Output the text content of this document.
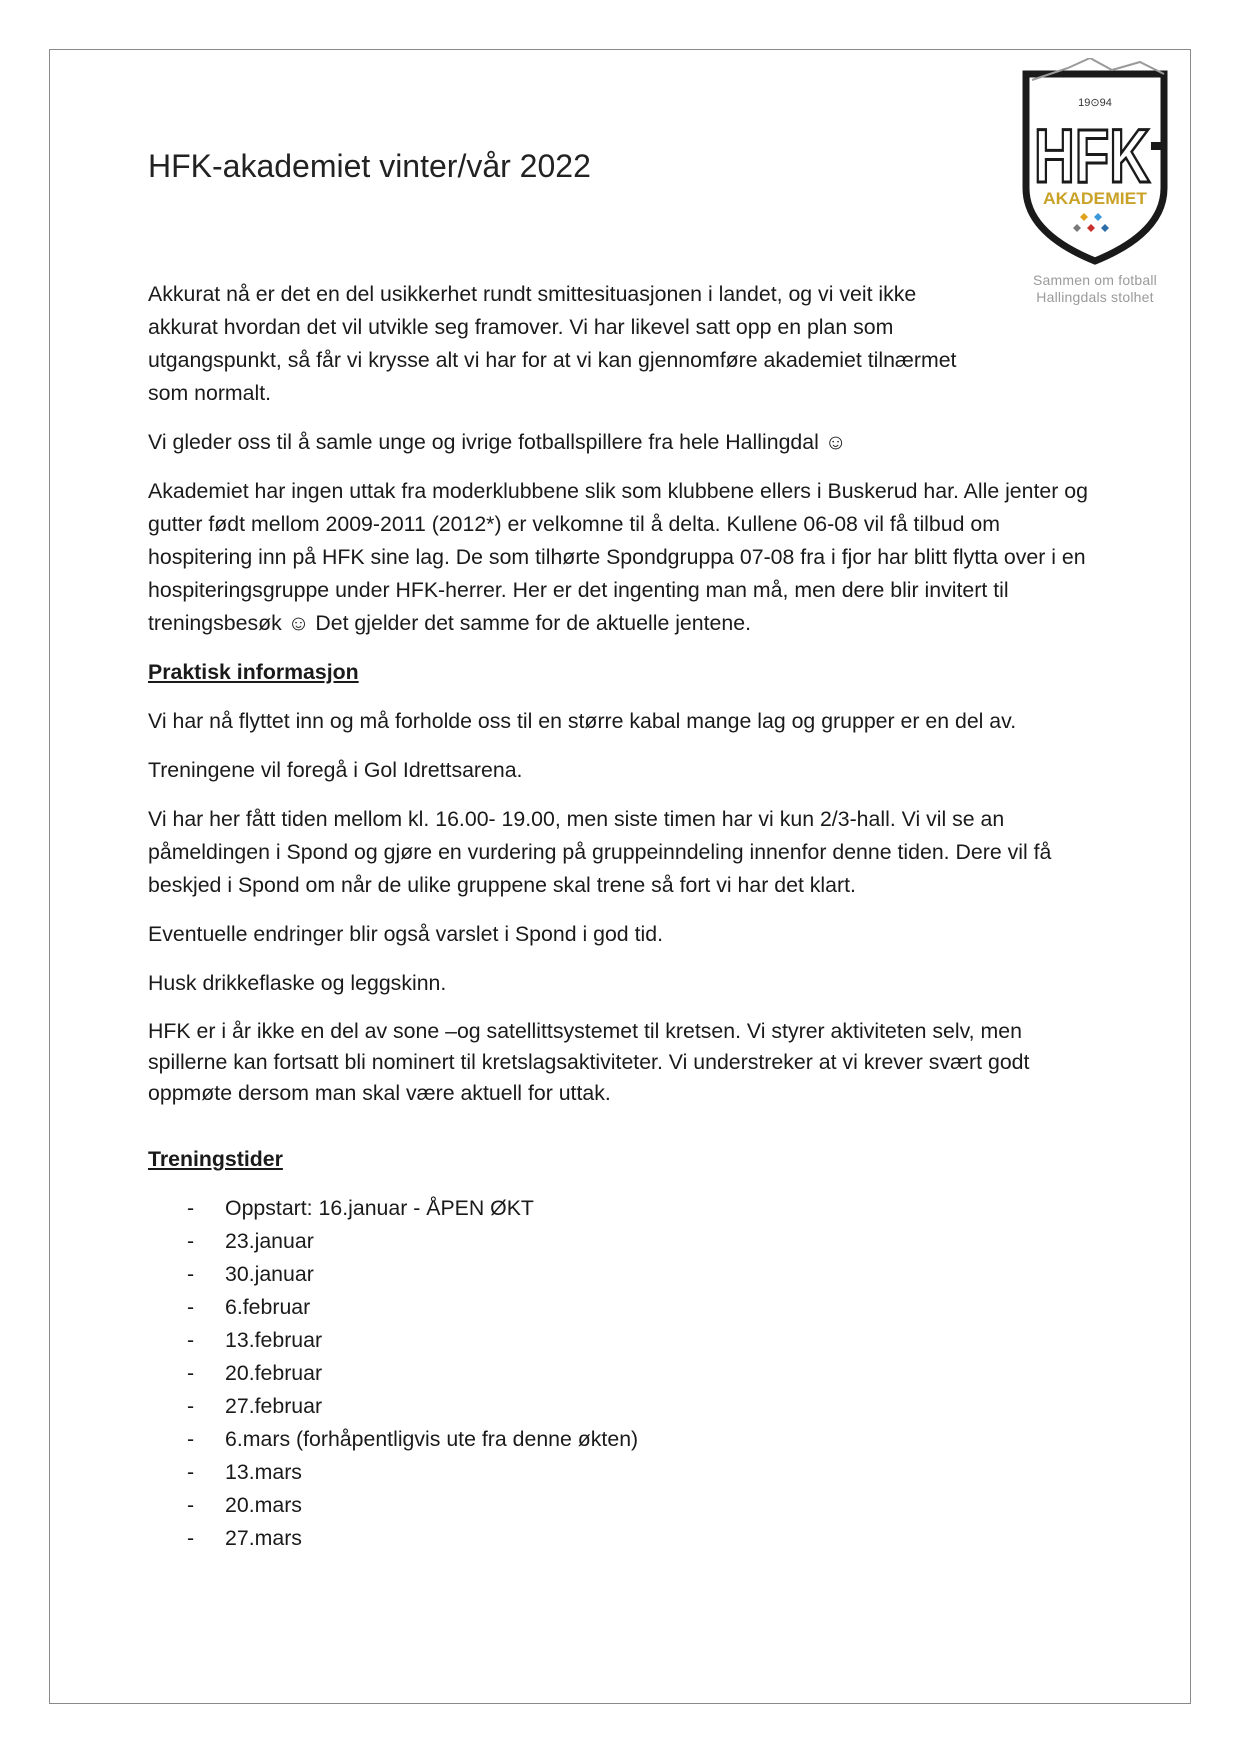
19⊙94
HFK
AKADEMIET
Sammen om fotball
Hallingdals stolhet
HFK-akademiet vinter/vår 2022

Akkurat nå er det en del usikkerhet rundt smittesituasjonen i landet, og vi veit ikke akkurat hvordan det vil utvikle seg framover. Vi har likevel satt opp en plan som utgangspunkt, så får vi krysse alt vi har for at vi kan gjennomføre akademiet tilnærmet som normalt.

Vi gleder oss til å samle unge og ivrige fotballspillere fra hele Hallingdal ☺

Akademiet har ingen uttak fra moderklubbene slik som klubbene ellers i Buskerud har. Alle jenter og gutter født mellom 2009-2011 (2012*) er velkomne til å delta. Kullene 06-08 vil få tilbud om hospitering inn på HFK sine lag. De som tilhørte Spondgruppa 07-08 fra i fjor har blitt flytta over i en hospiteringsgruppe under HFK-herrer. Her er det ingenting man må, men dere blir invitert til treningsbesøk ☺ Det gjelder det samme for de aktuelle jentene.

Praktisk informasjon

Vi har nå flyttet inn og må forholde oss til en større kabal mange lag og grupper er en del av.

Treningene vil foregå i Gol Idrettsarena.

Vi har her fått tiden mellom kl. 16.00- 19.00, men siste timen har vi kun 2/3-hall. Vi vil se an påmeldingen i Spond og gjøre en vurdering på gruppeinndeling innenfor denne tiden. Dere vil få beskjed i Spond om når de ulike gruppene skal trene så fort vi har det klart.

Eventuelle endringer blir også varslet i Spond i god tid.

Husk drikkeflaske og leggskinn.

HFK er i år ikke en del av sone –og satellittsystemet til kretsen. Vi styrer aktiviteten selv, men spillerne kan fortsatt bli nominert til kretslagsaktiviteter. Vi understreker at vi krever svært godt oppmøte dersom man skal være aktuell for uttak.

Treningstider
-	Oppstart: 16.januar - ÅPEN ØKT
-	23.januar
-	30.januar
-	6.februar
-	13.februar
-	20.februar
-	27.februar
-	6.mars (forhåpentligvis ute fra denne økten)
-	13.mars
-	20.mars
-	27.mars
